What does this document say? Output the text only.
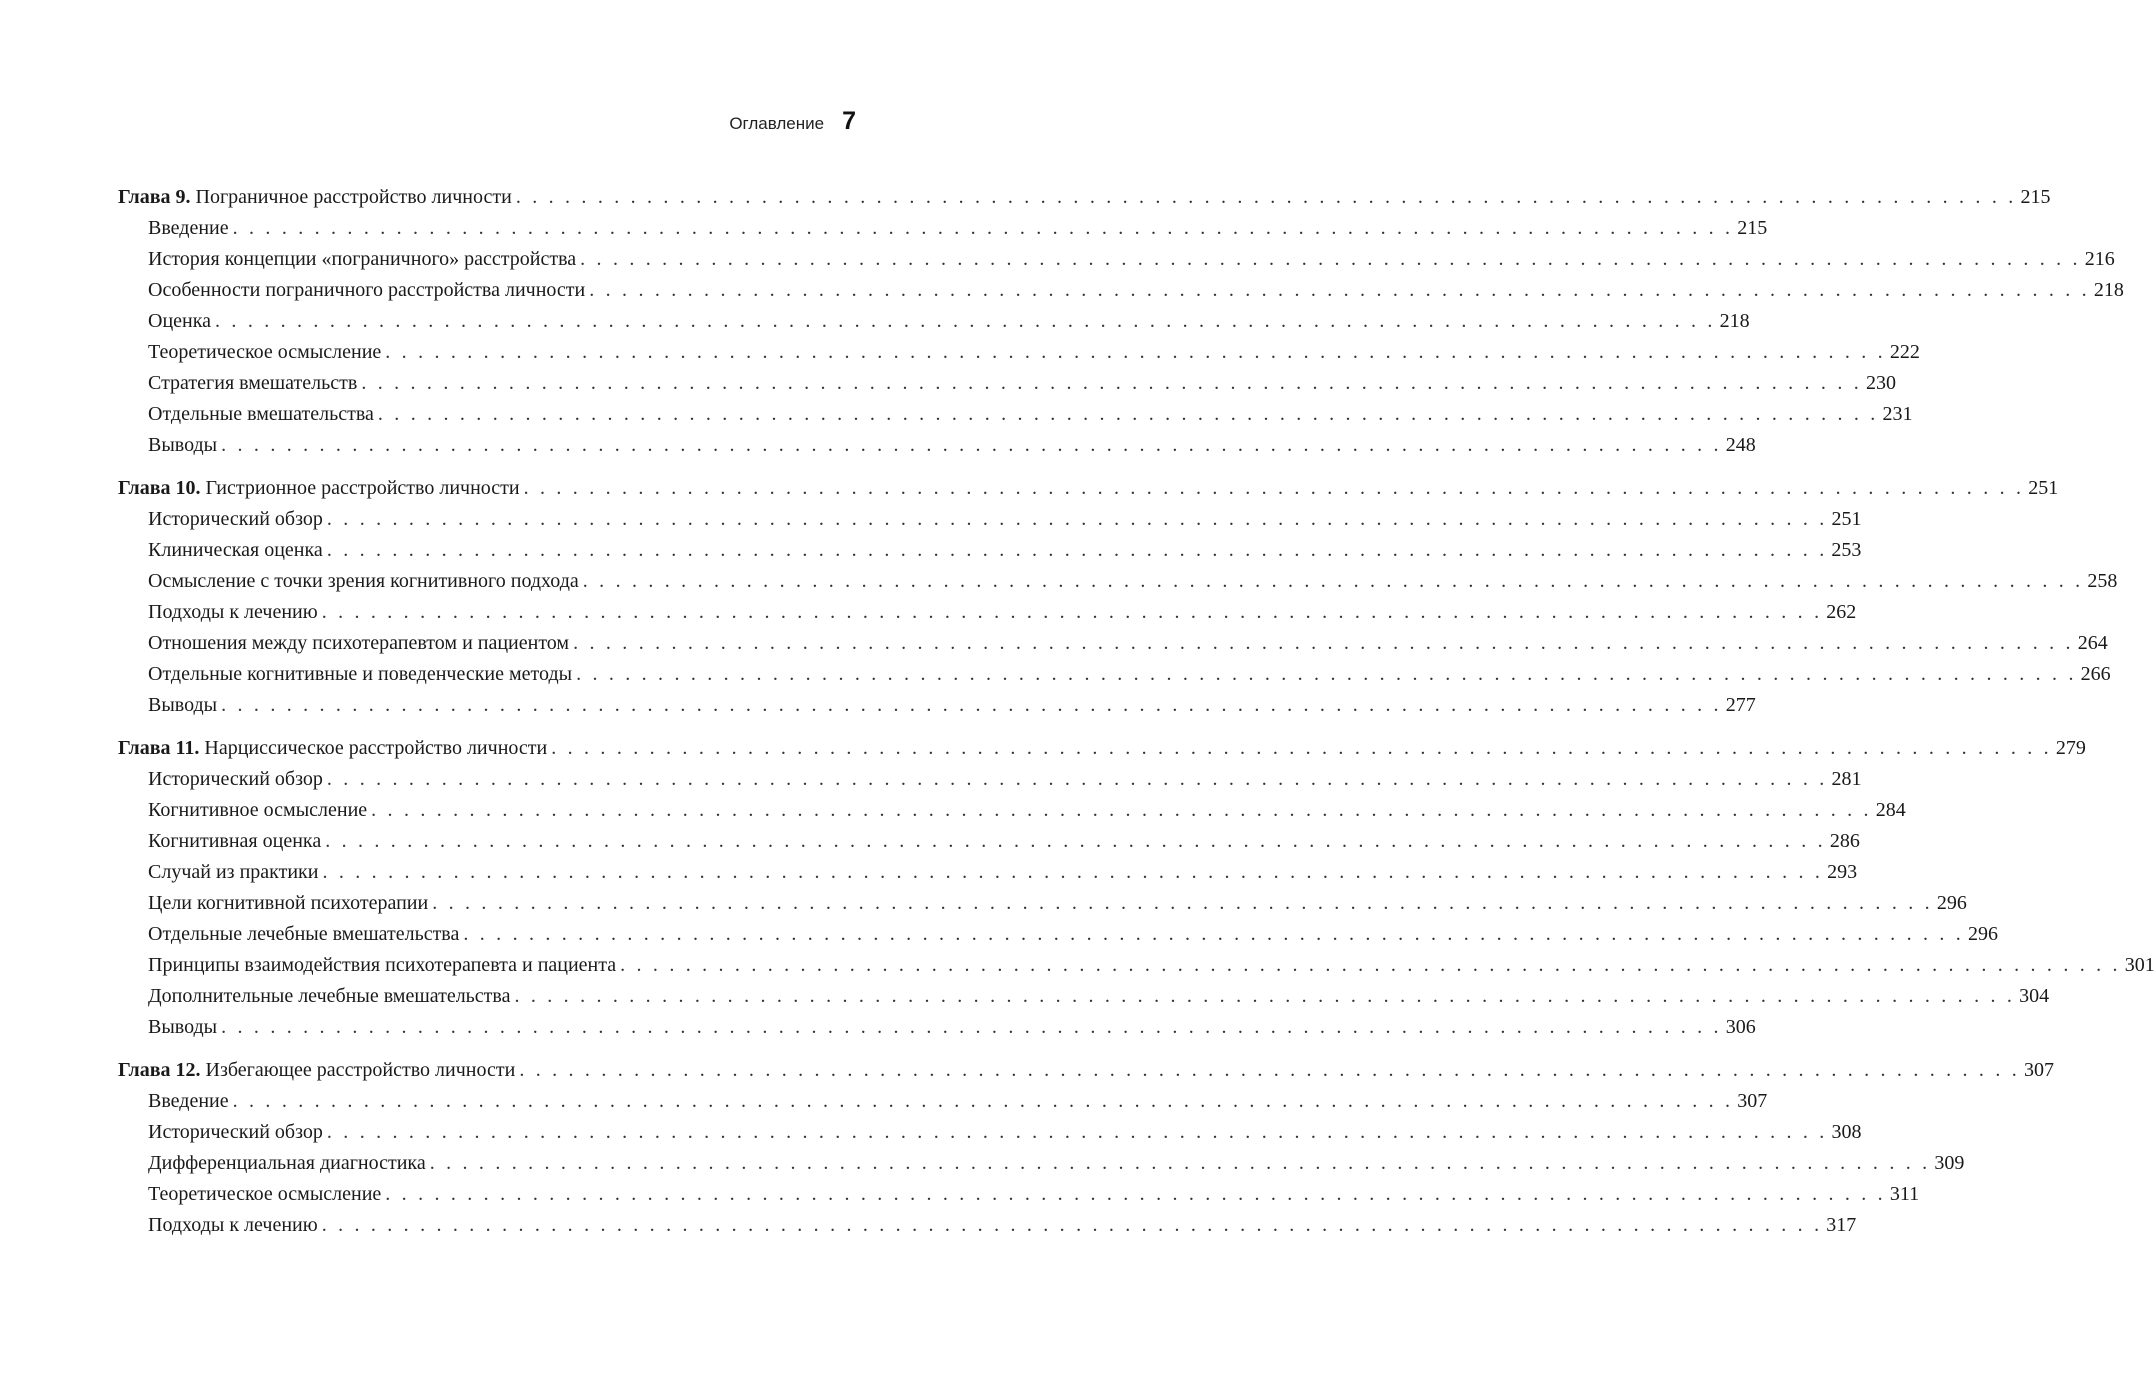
Оглавление 7
Глава 9. Пограничное расстройство личности . . . . . . . . . . . . . . . . . . . . . . . . . . . . . . . . . . . . . . . . . . . . . . . . . . . . . . . . . . . . . . . . . . . . . . . . . . . . . . . . . . . . . . . . . . . . 215
Введение . . . . . . . . . . . . . . . . . . . . . . . . . . . . . . . . . . . . . . . . . . . . . . . . . . . . . . . . . . . . . . . . . . . . . . . . . . . . . . . . . . . . . . . . . . . . 215
История концепции «пограничного» расстройства . . . . . . . . . . . . . . . . . . . . . . . . . . . . . . . . . . . . . . . . . . . . . . . . . . . . . . . . . . . . . . . . . . . . . . . . . . . . . . . . . . . . . . . . . . . . 216
Особенности пограничного расстройства личности . . . . . . . . . . . . . . . . . . . . . . . . . . . . . . . . . . . . . . . . . . . . . . . . . . . . . . . . . . . . . . . . . . . . . . . . . . . . . . . . . . . . . . . . . . . . 218
Оценка . . . . . . . . . . . . . . . . . . . . . . . . . . . . . . . . . . . . . . . . . . . . . . . . . . . . . . . . . . . . . . . . . . . . . . . . . . . . . . . . . . . . . . . . . . . . 218
Теоретическое осмысление . . . . . . . . . . . . . . . . . . . . . . . . . . . . . . . . . . . . . . . . . . . . . . . . . . . . . . . . . . . . . . . . . . . . . . . . . . . . . . . . . . . . . . . . . . . . 222
Стратегия вмешательств . . . . . . . . . . . . . . . . . . . . . . . . . . . . . . . . . . . . . . . . . . . . . . . . . . . . . . . . . . . . . . . . . . . . . . . . . . . . . . . . . . . . . . . . . . . . 230
Отдельные вмешательства . . . . . . . . . . . . . . . . . . . . . . . . . . . . . . . . . . . . . . . . . . . . . . . . . . . . . . . . . . . . . . . . . . . . . . . . . . . . . . . . . . . . . . . . . . . . 231
Выводы . . . . . . . . . . . . . . . . . . . . . . . . . . . . . . . . . . . . . . . . . . . . . . . . . . . . . . . . . . . . . . . . . . . . . . . . . . . . . . . . . . . . . . . . . . . . 248
Глава 10. Гистрионное расстройство личности . . . . . . . . . . . . . . . . . . . . . . . . . . . . . . . . . . . . . . . . . . . . . . . . . . . . . . . . . . . . . . . . . . . . . . . . . . . . . . . . . . . . . . . . . . . . 251
Исторический обзор . . . . . . . . . . . . . . . . . . . . . . . . . . . . . . . . . . . . . . . . . . . . . . . . . . . . . . . . . . . . . . . . . . . . . . . . . . . . . . . . . . . . . . . . . . . . 251
Клиническая оценка . . . . . . . . . . . . . . . . . . . . . . . . . . . . . . . . . . . . . . . . . . . . . . . . . . . . . . . . . . . . . . . . . . . . . . . . . . . . . . . . . . . . . . . . . . . . 253
Осмысление с точки зрения когнитивного подхода . . . . . . . . . . . . . . . . . . . . . . . . . . . . . . . . . . . . . . . . . . . . . . . . . . . . . . . . . . . . . . . . . . . . . . . . . . . . . . . . . . . . . . . . . . . . 258
Подходы к лечению . . . . . . . . . . . . . . . . . . . . . . . . . . . . . . . . . . . . . . . . . . . . . . . . . . . . . . . . . . . . . . . . . . . . . . . . . . . . . . . . . . . . . . . . . . . . 262
Отношения между психотерапевтом и пациентом . . . . . . . . . . . . . . . . . . . . . . . . . . . . . . . . . . . . . . . . . . . . . . . . . . . . . . . . . . . . . . . . . . . . . . . . . . . . . . . . . . . . . . . . . . . . 264
Отдельные когнитивные и поведенческие методы . . . . . . . . . . . . . . . . . . . . . . . . . . . . . . . . . . . . . . . . . . . . . . . . . . . . . . . . . . . . . . . . . . . . . . . . . . . . . . . . . . . . . . . . . . . . 266
Выводы . . . . . . . . . . . . . . . . . . . . . . . . . . . . . . . . . . . . . . . . . . . . . . . . . . . . . . . . . . . . . . . . . . . . . . . . . . . . . . . . . . . . . . . . . . . . 277
Глава 11. Нарциссическое расстройство личности . . . . . . . . . . . . . . . . . . . . . . . . . . . . . . . . . . . . . . . . . . . . . . . . . . . . . . . . . . . . . . . . . . . . . . . . . . . . . . . . . . . . . . . . . . . . 279
Исторический обзор . . . . . . . . . . . . . . . . . . . . . . . . . . . . . . . . . . . . . . . . . . . . . . . . . . . . . . . . . . . . . . . . . . . . . . . . . . . . . . . . . . . . . . . . . . . . 281
Когнитивное осмысление . . . . . . . . . . . . . . . . . . . . . . . . . . . . . . . . . . . . . . . . . . . . . . . . . . . . . . . . . . . . . . . . . . . . . . . . . . . . . . . . . . . . . . . . . . . . 284
Когнитивная оценка . . . . . . . . . . . . . . . . . . . . . . . . . . . . . . . . . . . . . . . . . . . . . . . . . . . . . . . . . . . . . . . . . . . . . . . . . . . . . . . . . . . . . . . . . . . . 286
Случай из практики . . . . . . . . . . . . . . . . . . . . . . . . . . . . . . . . . . . . . . . . . . . . . . . . . . . . . . . . . . . . . . . . . . . . . . . . . . . . . . . . . . . . . . . . . . . . 293
Цели когнитивной психотерапии . . . . . . . . . . . . . . . . . . . . . . . . . . . . . . . . . . . . . . . . . . . . . . . . . . . . . . . . . . . . . . . . . . . . . . . . . . . . . . . . . . . . . . . . . . . . 296
Отдельные лечебные вмешательства . . . . . . . . . . . . . . . . . . . . . . . . . . . . . . . . . . . . . . . . . . . . . . . . . . . . . . . . . . . . . . . . . . . . . . . . . . . . . . . . . . . . . . . . . . . . 296
Принципы взаимодействия психотерапевта и пациента . . . . . . . . . . . . . . . . . . . . . . . . . . . . . . . . . . . . . . . . . . . . . . . . . . . . . . . . . . . . . . . . . . . . . . . . . . . . . . . . . . . . . . . . . . . . 301
Дополнительные лечебные вмешательства . . . . . . . . . . . . . . . . . . . . . . . . . . . . . . . . . . . . . . . . . . . . . . . . . . . . . . . . . . . . . . . . . . . . . . . . . . . . . . . . . . . . . . . . . . . . 304
Выводы . . . . . . . . . . . . . . . . . . . . . . . . . . . . . . . . . . . . . . . . . . . . . . . . . . . . . . . . . . . . . . . . . . . . . . . . . . . . . . . . . . . . . . . . . . . . 306
Глава 12. Избегающее расстройство личности . . . . . . . . . . . . . . . . . . . . . . . . . . . . . . . . . . . . . . . . . . . . . . . . . . . . . . . . . . . . . . . . . . . . . . . . . . . . . . . . . . . . . . . . . . . . 307
Введение . . . . . . . . . . . . . . . . . . . . . . . . . . . . . . . . . . . . . . . . . . . . . . . . . . . . . . . . . . . . . . . . . . . . . . . . . . . . . . . . . . . . . . . . . . . . 307
Исторический обзор . . . . . . . . . . . . . . . . . . . . . . . . . . . . . . . . . . . . . . . . . . . . . . . . . . . . . . . . . . . . . . . . . . . . . . . . . . . . . . . . . . . . . . . . . . . . 308
Дифференциальная диагностика . . . . . . . . . . . . . . . . . . . . . . . . . . . . . . . . . . . . . . . . . . . . . . . . . . . . . . . . . . . . . . . . . . . . . . . . . . . . . . . . . . . . . . . . . . . . 309
Теоретическое осмысление . . . . . . . . . . . . . . . . . . . . . . . . . . . . . . . . . . . . . . . . . . . . . . . . . . . . . . . . . . . . . . . . . . . . . . . . . . . . . . . . . . . . . . . . . . . . 311
Подходы к лечению . . . . . . . . . . . . . . . . . . . . . . . . . . . . . . . . . . . . . . . . . . . . . . . . . . . . . . . . . . . . . . . . . . . . . . . . . . . . . . . . . . . . . . . . . . . . 317
